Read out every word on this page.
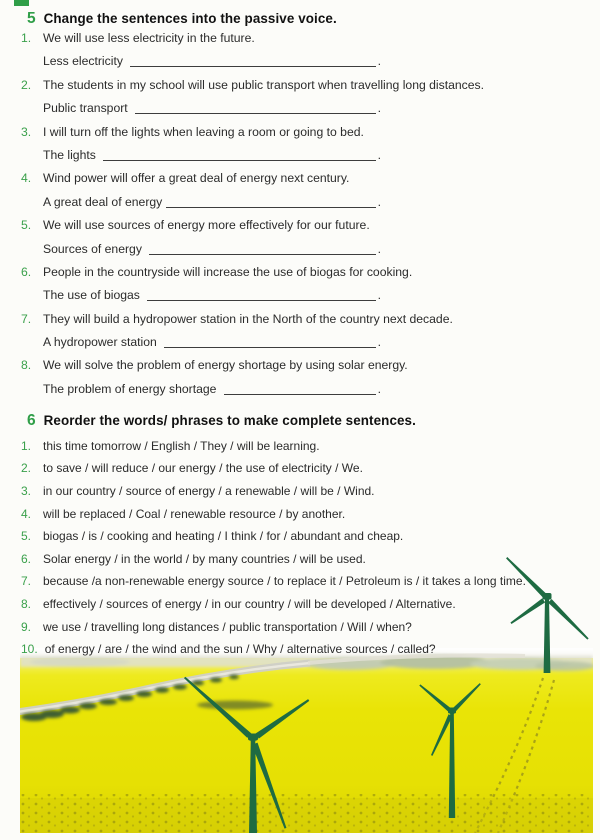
5 Change the sentences into the passive voice.
1. We will use less electricity in the future.
Less electricity	.
2. The students in my school will use public transport when travelling long distances.
Public transport	.
3. I will turn off the lights when leaving a room or going to bed.
The lights	.
4. Wind power will offer a great deal of energy next century.
A great deal of energy	.
5. We will use sources of energy more effectively for our future.
Sources of energy	.
6. People in the countryside will increase the use of biogas for cooking.
The use of biogas	.
7. They will build a hydropower station in the North of the country next decade.
A hydropower station	.
8. We will solve the problem of energy shortage by using solar energy.
The problem of energy shortage	.
6 Reorder the words/ phrases to make complete sentences.
1. this time tomorrow / English / They / will be learning.
2. to save / will reduce / our energy / the use of electricity / We.
3. in our country / source of energy / a renewable / will be / Wind.
4. will be replaced / Coal / renewable resource / by another.
5. biogas / is / cooking and heating / I think / for / abundant and cheap.
6. Solar energy / in the world / by many countries / will be used.
7. because /a non-renewable energy source / to replace it / Petroleum is / it takes a long time.
8. effectively / sources of energy / in our country / will be developed / Alternative.
9. we use / travelling long distances / public transportation / Will / when?
10. of energy / are / the wind and the sun / Why / alternative sources / called?
